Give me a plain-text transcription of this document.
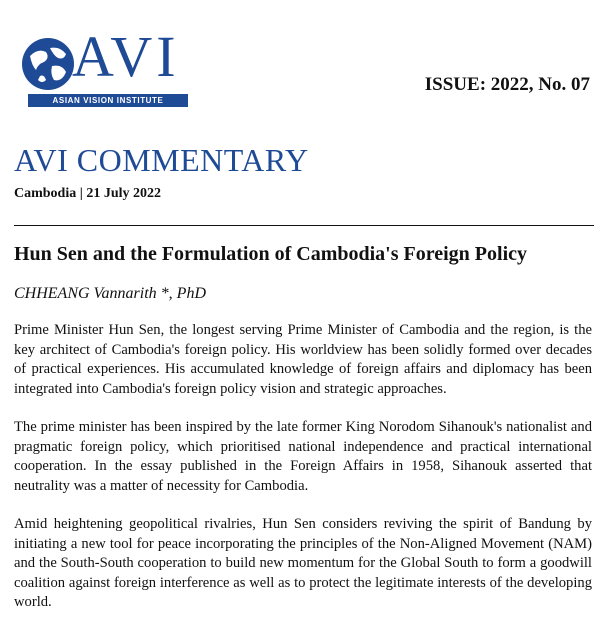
AVI
ASIAN VISION INSTITUTE
ISSUE: 2022, No. 07
AVI COMMENTARY
Cambodia | 21 July 2022
Hun Sen and the Formulation of Cambodia's Foreign Policy
CHHEANG Vannarith *, PhD

Prime Minister Hun Sen, the longest serving Prime Minister of Cambodia and the region, is the key architect of Cambodia's foreign policy. His worldview has been solidly formed over decades of practical experiences. His accumulated knowledge of foreign affairs and diplomacy has been integrated into Cambodia's foreign policy vision and strategic approaches.

The prime minister has been inspired by the late former King Norodom Sihanouk's nationalist and pragmatic foreign policy, which prioritised national independence and practical international cooperation. In the essay published in the Foreign Affairs in 1958, Sihanouk asserted that neutrality was a matter of necessity for Cambodia.

Amid heightening geopolitical rivalries, Hun Sen considers reviving the spirit of Bandung by initiating a new tool for peace incorporating the principles of the Non-Aligned Movement (NAM) and the South-South cooperation to build new momentum for the Global South to form a goodwill coalition against foreign interference as well as to protect the legitimate interests of the developing world.
